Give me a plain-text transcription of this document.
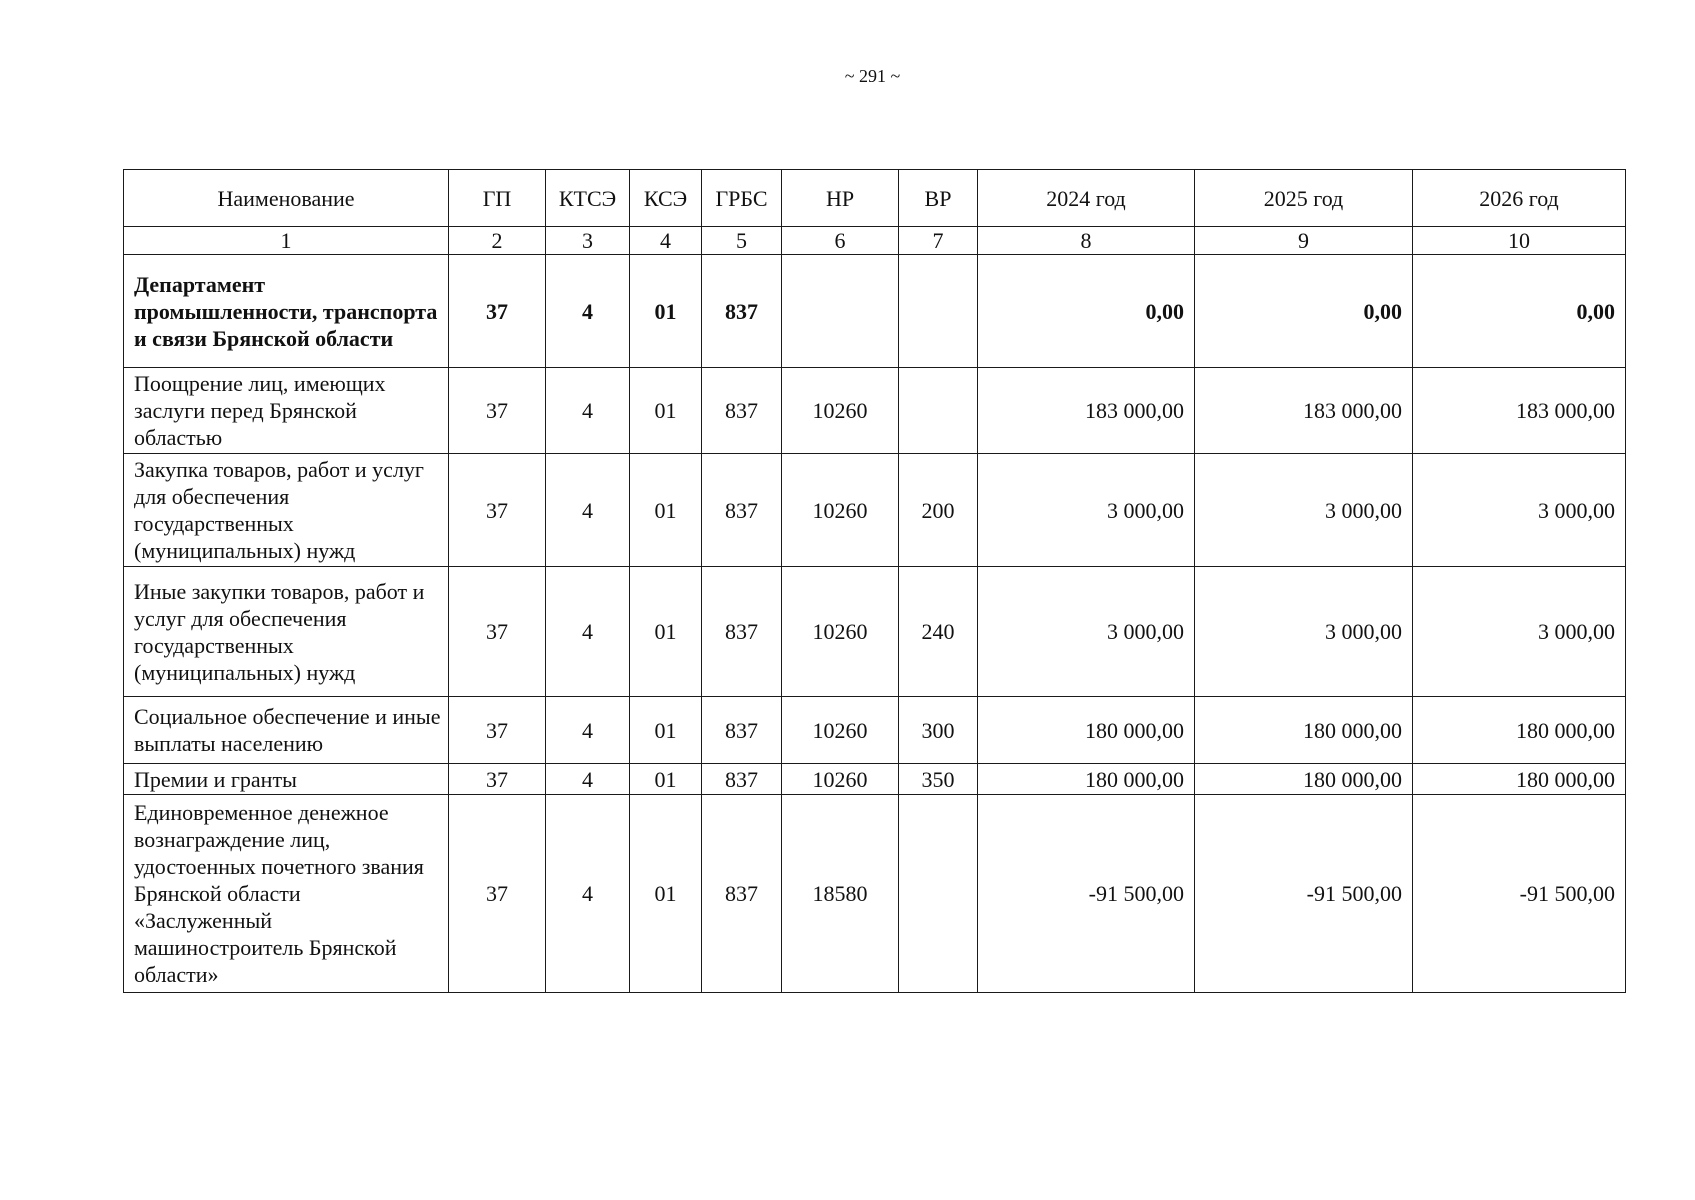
~ 291 ~
Наименование	ГП	КТСЭ	КСЭ	ГРБС	НР	ВР	2024 год	2025 год	2026 год
1	2	3	4	5	6	7	8	9	10
Департамент промышленности, транспорта и связи Брянской области	37	4	01	837			0,00	0,00	0,00
Поощрение лиц, имеющих заслуги перед Брянской областью	37	4	01	837	10260		183 000,00	183 000,00	183 000,00
Закупка товаров, работ и услуг для обеспечения государственных (муниципальных) нужд	37	4	01	837	10260	200	3 000,00	3 000,00	3 000,00
Иные закупки товаров, работ и услуг для обеспечения государственных (муниципальных) нужд	37	4	01	837	10260	240	3 000,00	3 000,00	3 000,00
Социальное обеспечение и иные выплаты населению	37	4	01	837	10260	300	180 000,00	180 000,00	180 000,00
Премии и гранты	37	4	01	837	10260	350	180 000,00	180 000,00	180 000,00
Единовременное денежное вознаграждение лиц, удостоенных почетного звания Брянской области «Заслуженный машиностроитель Брянской области»	37	4	01	837	18580		-91 500,00	-91 500,00	-91 500,00
